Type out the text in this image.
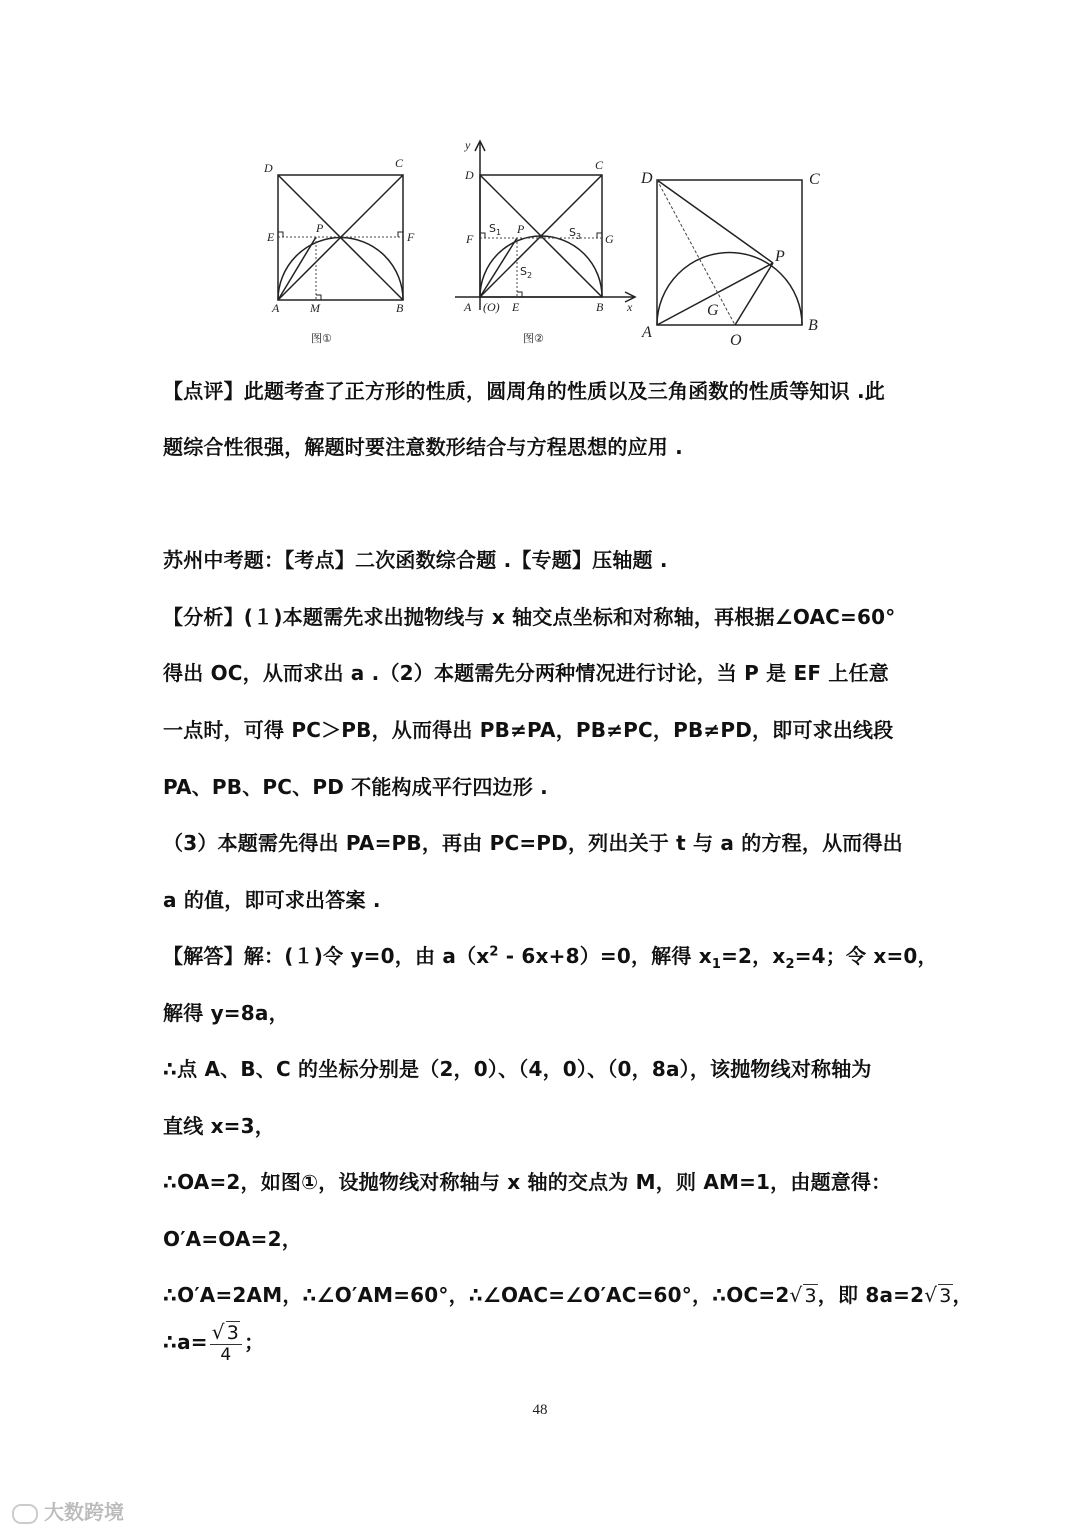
D	C
E	F
P
A	M	B
图①
y
D
C
F	G
P
A (O) E	B x
$S_1$	$S_3$
$S_2$
图②
D	C
P
G
A	O
B
【点评】此题考查了正方形的性质，圆周角的性质以及三角函数的性质等知识 .此
题综合性很强，解题时要注意数形结合与方程思想的应用 .
苏州中考题：【考点】二次函数综合题 .【专题】压轴题 .
【分析】(１)本题需先求出抛物线与 x 轴交点坐标和对称轴，再根据∠OAC=60°
得出 OC，从而求出 a .（2）本题需先分两种情况进行讨论，当 P 是 EF 上任意
一点时，可得 PC＞PB，从而得出 PB≠PA，PB≠PC，PB≠PD，即可求出线段
PA、PB、PC、PD 不能构成平行四边形 .
（3）本题需先得出 PA=PB，再由 PC=PD，列出关于 t 与 a 的方程，从而得出
a 的值，即可求出答案 .
【解答】解：(１)令 y=0，由 $a(x^2 - 6x+8)=0$，解得 $x_1=2$，$x_2=4$；令 x=0，
解得 y=8a，
∴点 A、B、C 的坐标分别是（2，0）、（4，0）、（0，8a），该抛物线对称轴为
直线 x=3，
∴OA=2，如图①，设抛物线对称轴与 x 轴的交点为 M，则 AM=1，由题意得：
O′A=OA=2，
∴O′A=2AM，∴∠O′AM=60°，∴∠OAC=∠O′AC=60°，∴OC=2 √ 3，即 8a=2 √ 3，
∴a= $\frac{√ 3}{4}$ ；
48
大数跨境
